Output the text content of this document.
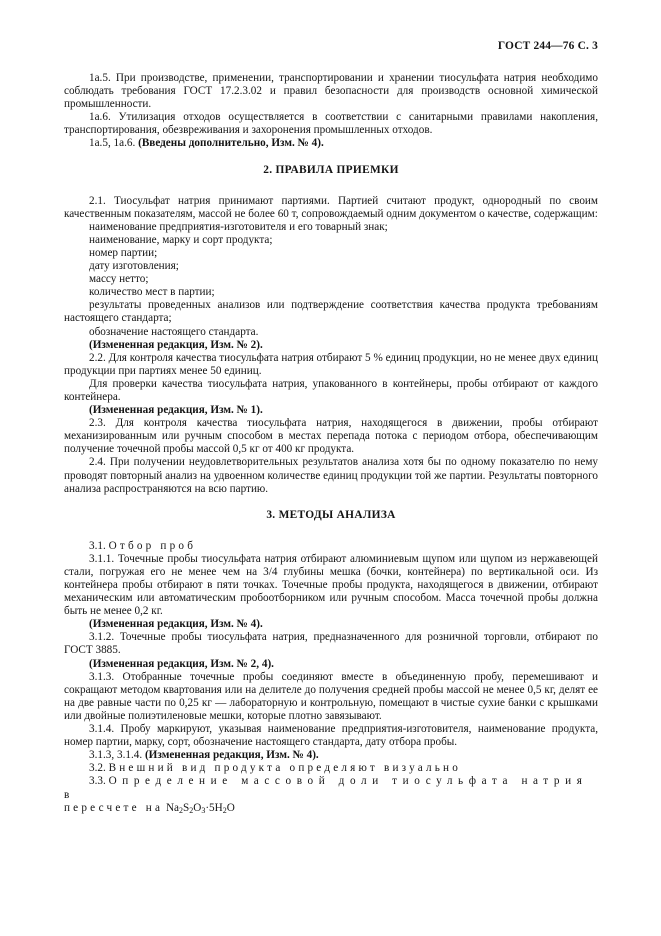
ГОСТ 244—76 С. 3

1а.5. При производстве, применении, транспортировании и хранении тиосульфата натрия необходимо соблюдать требования ГОСТ 17.2.3.02 и правил безопасности для производств основной химической промышленности.

1а.6. Утилизация отходов осуществляется в соответствии с санитарными правилами накопления, транспортирования, обезвреживания и захоронения промышленных отходов.

1а.5, 1а.6. (Введены дополнительно, Изм. № 4).

2. ПРАВИЛА ПРИЕМКИ

2.1. Тиосульфат натрия принимают партиями. Партией считают продукт, однородный по своим качественным показателям, массой не более 60 т, сопровождаемый одним документом о качестве, содержащим:

наименование предприятия-изготовителя и его товарный знак;

наименование, марку и сорт продукта;

номер партии;

дату изготовления;

массу нетто;

количество мест в партии;

результаты проведенных анализов или подтверждение соответствия качества продукта требованиям настоящего стандарта;

обозначение настоящего стандарта.

(Измененная редакция, Изм. № 2).

2.2. Для контроля качества тиосульфата натрия отбирают 5 % единиц продукции, но не менее двух единиц продукции при партиях менее 50 единиц.

Для проверки качества тиосульфата натрия, упакованного в контейнеры, пробы отбирают от каждого контейнера.

(Измененная редакция, Изм. № 1).

2.3. Для контроля качества тиосульфата натрия, находящегося в движении, пробы отбирают механизированным или ручным способом в местах перепада потока с периодом отбора, обеспечивающим получение точечной пробы массой 0,5 кг от 400 кг продукта.

2.4. При получении неудовлетворительных результатов анализа хотя бы по одному показателю по нему проводят повторный анализ на удвоенном количестве единиц продукции той же партии. Результаты повторного анализа распространяются на всю партию.

3. МЕТОДЫ АНАЛИЗА

3.1. Отбор проб

3.1.1. Точечные пробы тиосульфата натрия отбирают алюминиевым щупом или щупом из нержавеющей стали, погружая его не менее чем на 3/4 глубины мешка (бочки, контейнера) по вертикальной оси. Из контейнера пробы отбирают в пяти точках. Точечные пробы продукта, находящегося в движении, отбирают механическим или автоматическим пробоотборником или ручным способом. Масса точечной пробы должна быть не менее 0,2 кг.

(Измененная редакция, Изм. № 4).

3.1.2. Точечные пробы тиосульфата натрия, предназначенного для розничной торговли, отбирают по ГОСТ 3885.

(Измененная редакция, Изм. № 2, 4).

3.1.3. Отобранные точечные пробы соединяют вместе в объединенную пробу, перемешивают и сокращают методом квартования или на делителе до получения средней пробы массой не менее 0,5 кг, делят ее на две равные части по 0,25 кг — лабораторную и контрольную, помещают в чистые сухие банки с крышками или двойные полиэтиленовые мешки, которые плотно завязывают.

3.1.4. Пробу маркируют, указывая наименование предприятия-изготовителя, наименование продукта, номер партии, марку, сорт, обозначение настоящего стандарта, дату отбора пробы.

3.1.3, 3.1.4. (Измененная редакция, Изм. № 4).

3.2. Внешний вид продукта определяют визуально

3.3. Определение массовой доли тиосульфата натрия в

пересчете на $Na_2S_2O_3\cdot 5H_2O$
